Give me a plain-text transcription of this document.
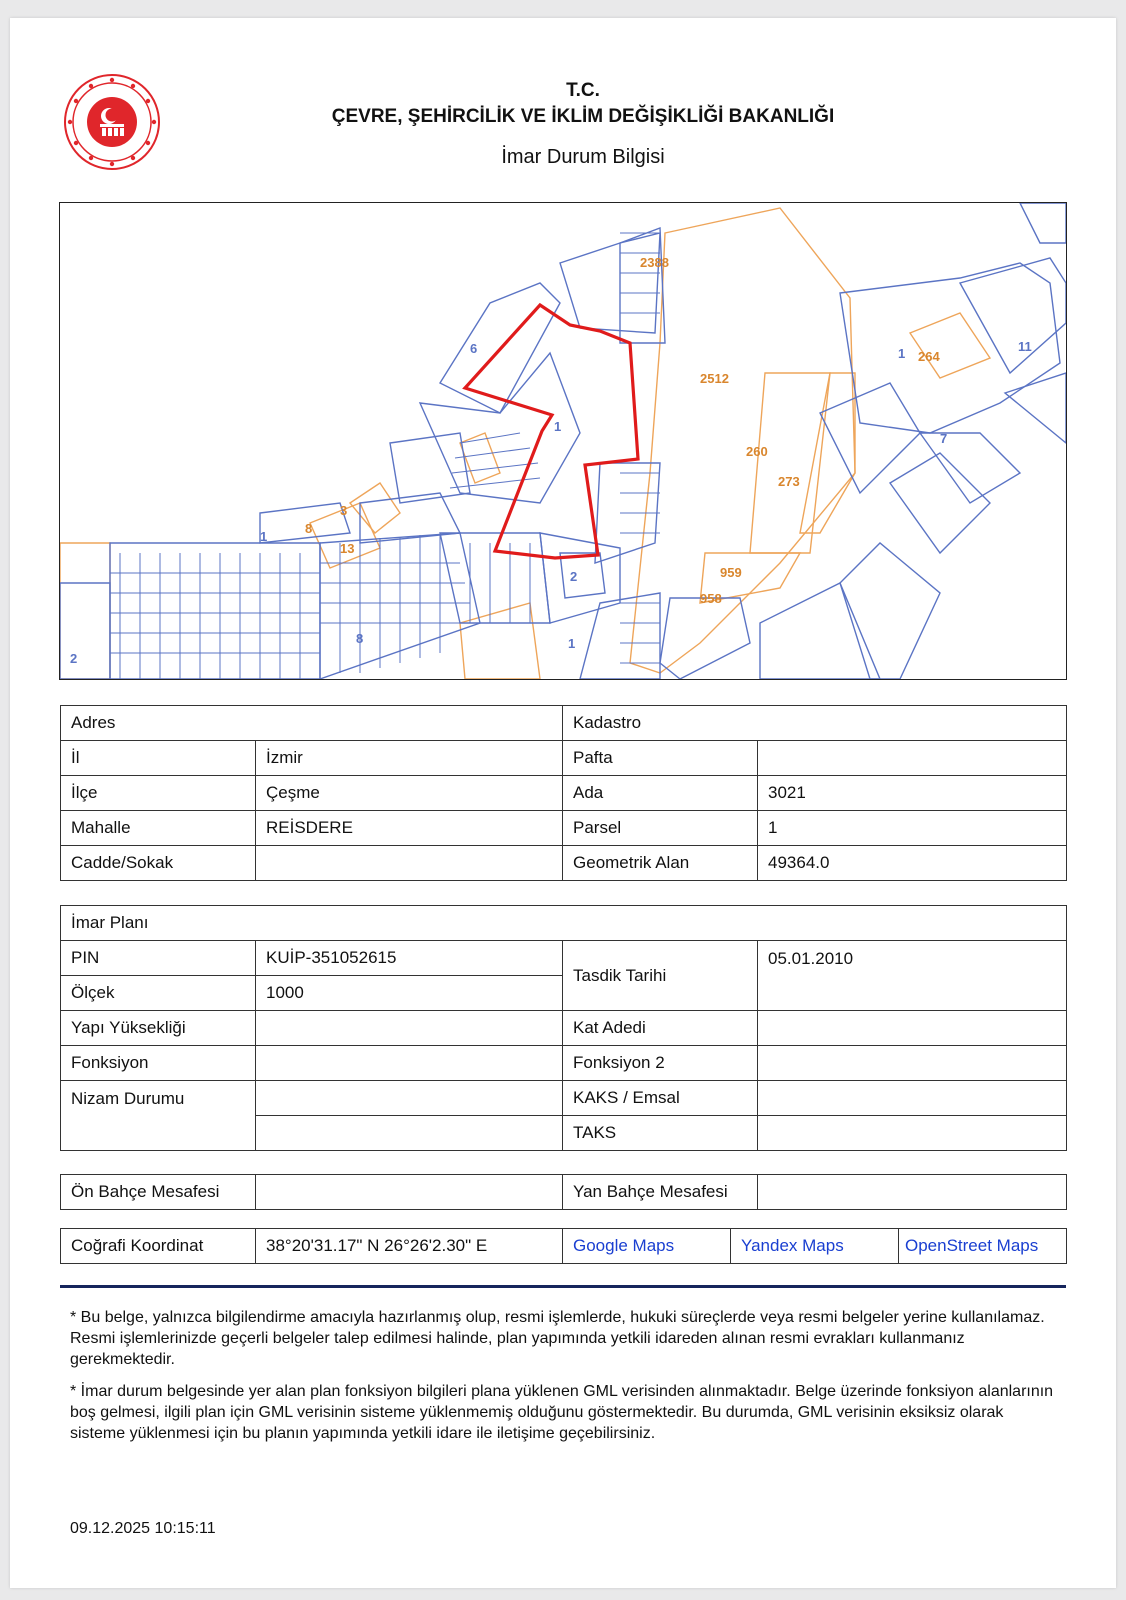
T.C.
ÇEVRE, ŞEHİRCİLİK VE İKLİM DEĞİŞİKLİĞİ BAKANLIĞI
İmar Durum Bilgisi
6
1
1
2
1
8
1
2
11
7
2512
260
273
959
958
2388
13
3
8
264
Adres		Kadastro	
İl	İzmir	Pafta	
İlçe	Çeşme	Ada	3021
Mahalle	REİSDERE	Parsel	1
Cadde/Sokak		Geometrik Alan	49364.0
İmar Planı			
PIN	KUİP-351052615	Tasdik Tarihi	05.01.2010
Ölçek	1000		
Yapı Yüksekliği		Kat Adedi	
Fonksiyon		Fonksiyon 2	
Nizam Durumu		KAKS / Emsal	
		TAKS	
Ön Bahçe Mesafesi		Yan Bahçe Mesafesi	
Coğrafi Koordinat	38°20'31.17" N 26°26'2.30" E	Google Maps	Yandex Maps	OpenStreet Maps
* Bu belge, yalnızca bilgilendirme amacıyla hazırlanmış olup, resmi işlemlerde, hukuki süreçlerde veya resmi belgeler yerine kullanılamaz. Resmi işlemlerinizde geçerli belgeler talep edilmesi halinde, plan yapımında yetkili idareden alınan resmi evrakları kullanmanız gerekmektedir.
* İmar durum belgesinde yer alan plan fonksiyon bilgileri plana yüklenen GML verisinden alınmaktadır. Belge üzerinde fonksiyon alanlarının boş gelmesi, ilgili plan için GML verisinin sisteme yüklenmemiş olduğunu göstermektedir. Bu durumda, GML verisinin eksiksiz olarak sisteme yüklenmesi için bu planın yapımında yetkili idare ile iletişime geçebilirsiniz.
09.12.2025 10:15:11
